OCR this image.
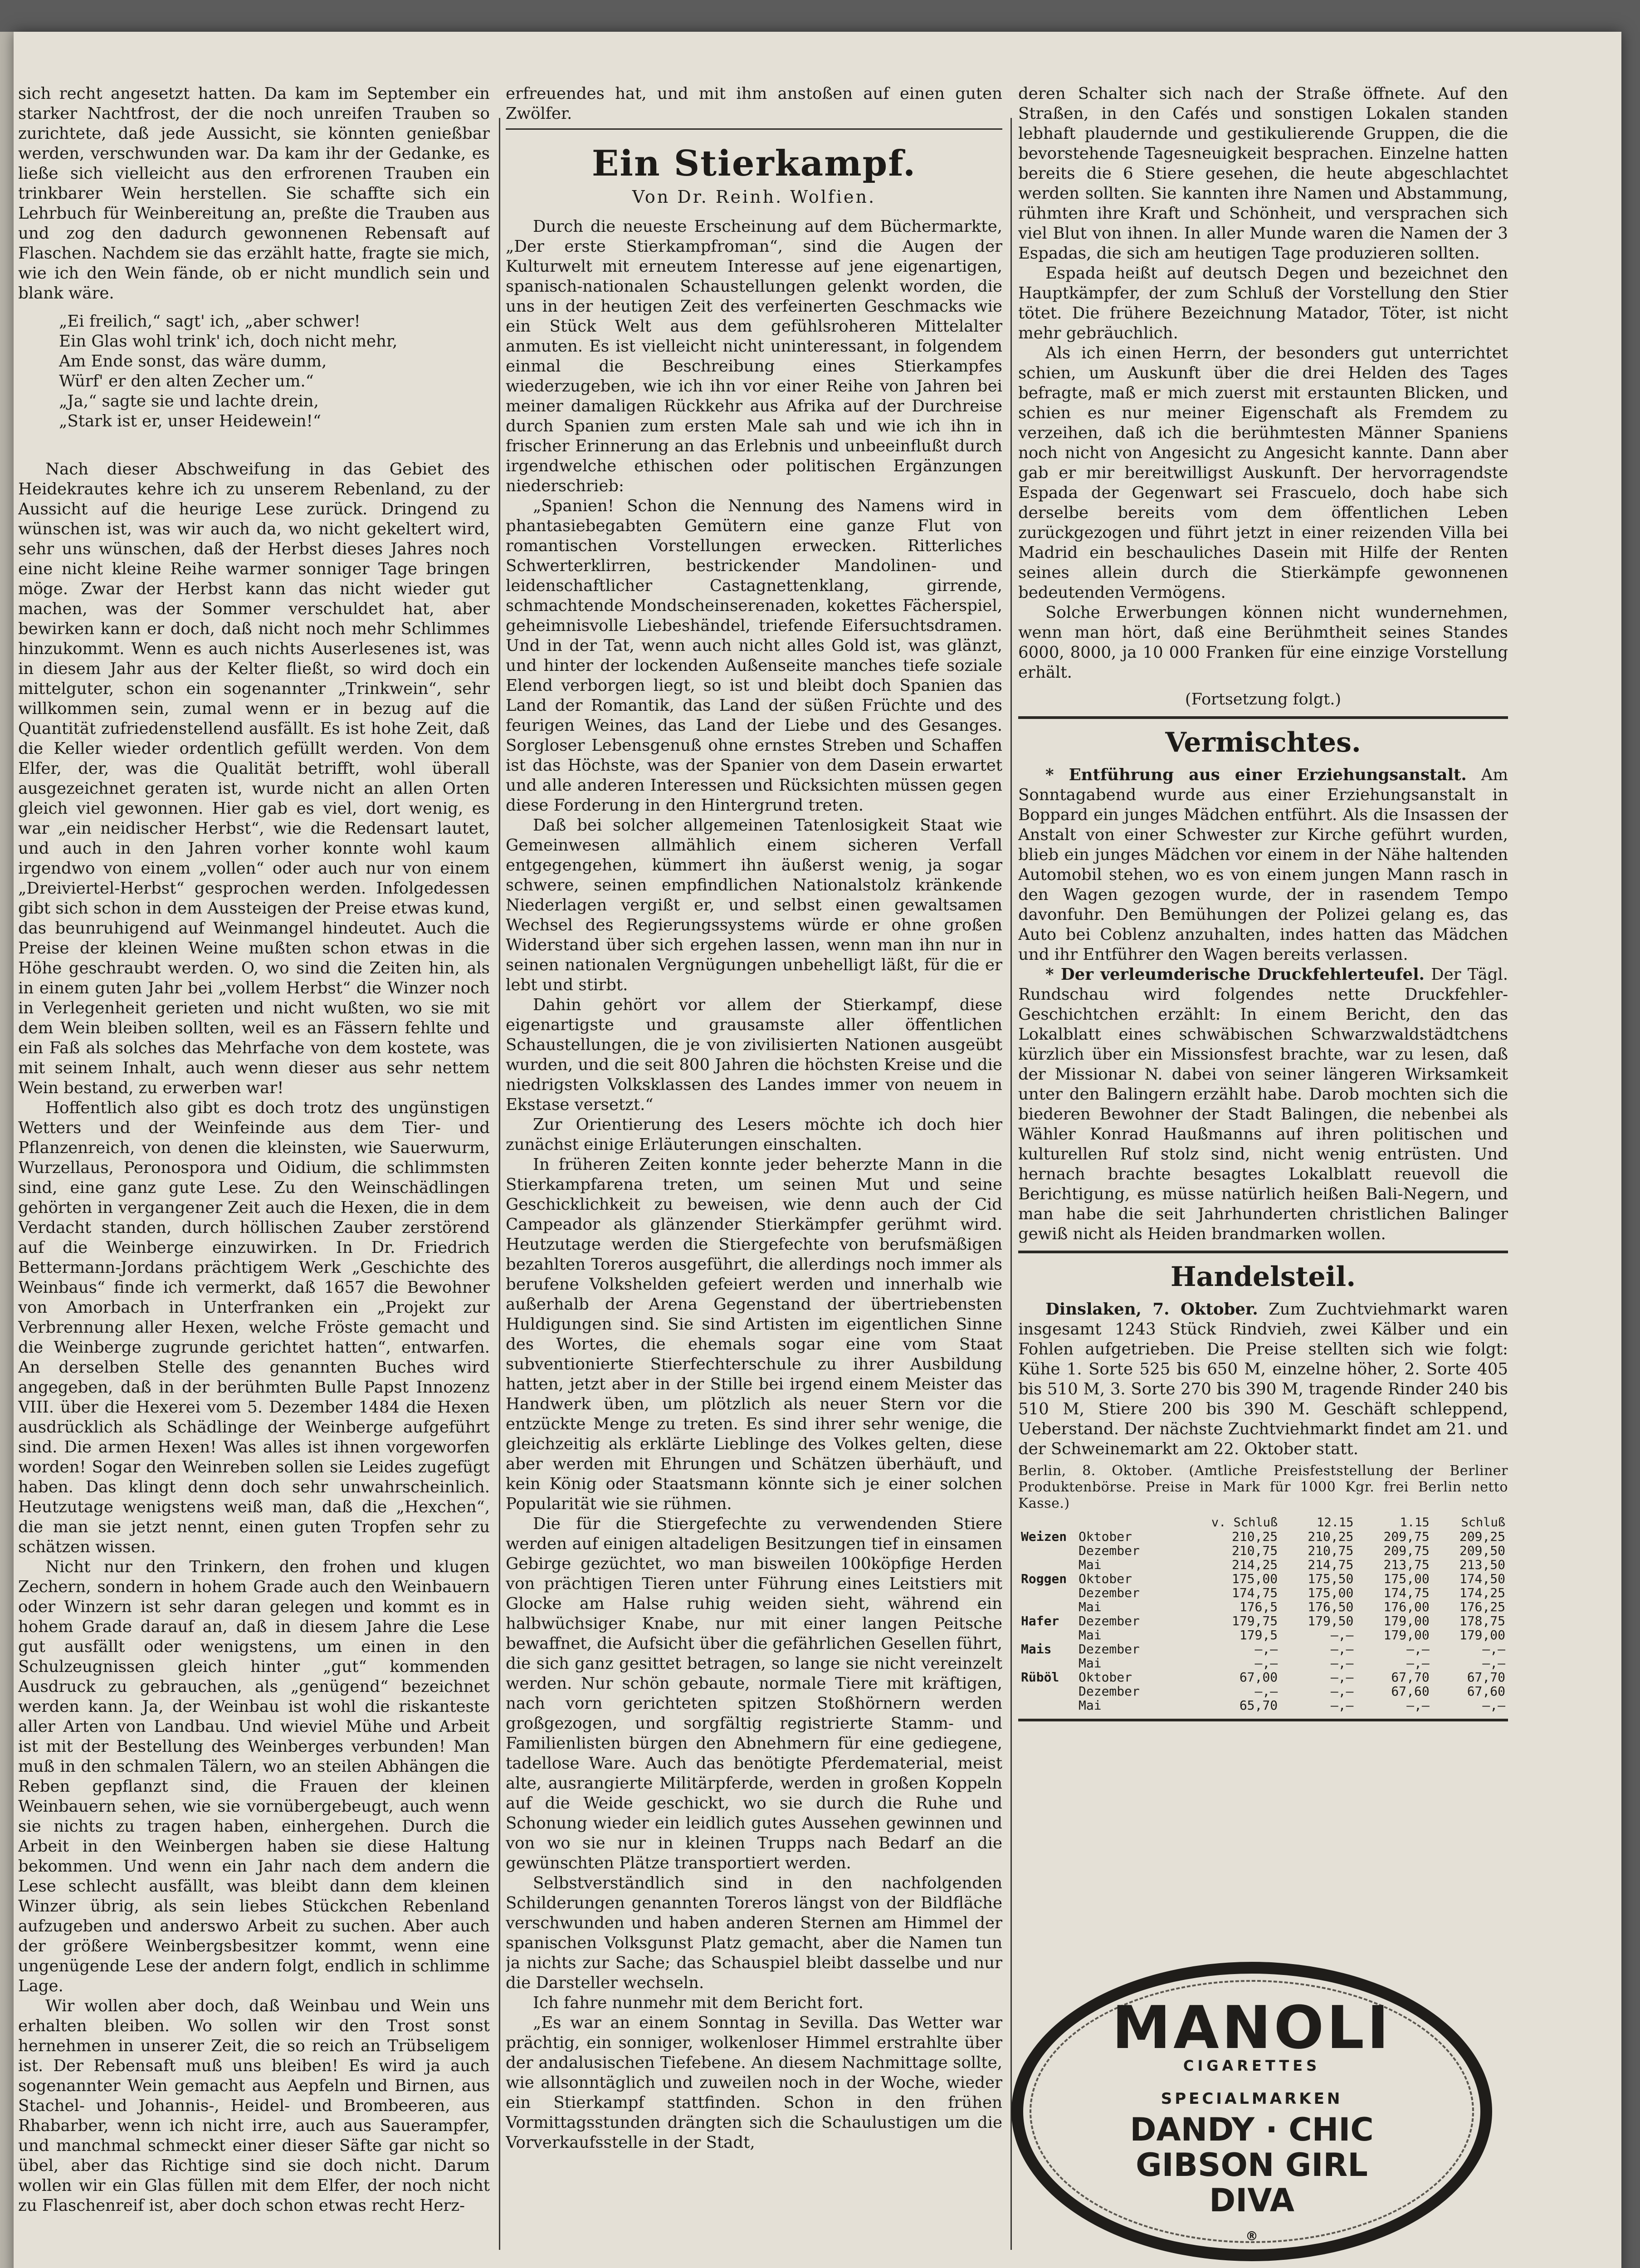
sich recht angesetzt hatten. Da kam im September ein starker Nachtfrost, der die noch unreifen Trauben so zurichtete, daß jede Aussicht, sie könnten genießbar werden, verschwunden war. Da kam ihr der Gedanke, es ließe sich vielleicht aus den erfrorenen Trauben ein trinkbarer Wein herstellen. Sie schaffte sich ein Lehrbuch für Weinbereitung an, preßte die Trauben aus und zog den dadurch gewonnenen Rebensaft auf Flaschen. Nachdem sie das erzählt hatte, fragte sie mich, wie ich den Wein fände, ob er nicht mundlich sein und blank wäre.

„Ei freilich,“ sagt' ich, „aber schwer!
Ein Glas wohl trink' ich, doch nicht mehr,
Am Ende sonst, das wäre dumm,
Würf' er den alten Zecher um.“
„Ja,“ sagte sie und lachte drein,
„Stark ist er, unser Heidewein!“

Nach dieser Abschweifung in das Gebiet des Heidekrautes kehre ich zu unserem Rebenland, zu der Aussicht auf die heurige Lese zurück. Dringend zu wünschen ist, was wir auch da, wo nicht gekeltert wird, sehr uns wünschen, daß der Herbst dieses Jahres noch eine nicht kleine Reihe warmer sonniger Tage bringen möge. Zwar der Herbst kann das nicht wieder gut machen, was der Sommer verschuldet hat, aber bewirken kann er doch, daß nicht noch mehr Schlimmes hinzukommt. Wenn es auch nichts Auserlesenes ist, was in diesem Jahr aus der Kelter fließt, so wird doch ein mittelguter, schon ein sogenannter „Trinkwein“, sehr willkommen sein, zumal wenn er in bezug auf die Quantität zufriedenstellend ausfällt. Es ist hohe Zeit, daß die Keller wieder ordentlich gefüllt werden. Von dem Elfer, der, was die Qualität betrifft, wohl überall ausgezeichnet geraten ist, wurde nicht an allen Orten gleich viel gewonnen. Hier gab es viel, dort wenig, es war „ein neidischer Herbst“, wie die Redensart lautet, und auch in den Jahren vorher konnte wohl kaum irgendwo von einem „vollen“ oder auch nur von einem „Dreiviertel-Herbst“ gesprochen werden. Infolgedessen gibt sich schon in dem Aussteigen der Preise etwas kund, das beunruhigend auf Weinmangel hindeutet. Auch die Preise der kleinen Weine mußten schon etwas in die Höhe geschraubt werden. O, wo sind die Zeiten hin, als in einem guten Jahr bei „vollem Herbst“ die Winzer noch in Verlegenheit gerieten und nicht wußten, wo sie mit dem Wein bleiben sollten, weil es an Fässern fehlte und ein Faß als solches das Mehrfache von dem kostete, was mit seinem Inhalt, auch wenn dieser aus sehr nettem Wein bestand, zu erwerben war!

Hoffentlich also gibt es doch trotz des ungünstigen Wetters und der Weinfeinde aus dem Tier- und Pflanzenreich, von denen die kleinsten, wie Sauerwurm, Wurzellaus, Peronospora und Oidium, die schlimmsten sind, eine ganz gute Lese. Zu den Weinschädlingen gehörten in vergangener Zeit auch die Hexen, die in dem Verdacht standen, durch höllischen Zauber zerstörend auf die Weinberge einzuwirken. In Dr. Friedrich Bettermann-Jordans prächtigem Werk „Geschichte des Weinbaus“ finde ich vermerkt, daß 1657 die Bewohner von Amorbach in Unterfranken ein „Projekt zur Verbrennung aller Hexen, welche Fröste gemacht und die Weinberge zugrunde gerichtet hatten“, entwarfen. An derselben Stelle des genannten Buches wird angegeben, daß in der berühmten Bulle Papst Innozenz VIII. über die Hexerei vom 5. Dezember 1484 die Hexen ausdrücklich als Schädlinge der Weinberge aufgeführt sind. Die armen Hexen! Was alles ist ihnen vorgeworfen worden! Sogar den Weinreben sollen sie Leides zugefügt haben. Das klingt denn doch sehr unwahrscheinlich. Heutzutage wenigstens weiß man, daß die „Hexchen“, die man sie jetzt nennt, einen guten Tropfen sehr zu schätzen wissen.

Nicht nur den Trinkern, den frohen und klugen Zechern, sondern in hohem Grade auch den Weinbauern oder Winzern ist sehr daran gelegen und kommt es in hohem Grade darauf an, daß in diesem Jahre die Lese gut ausfällt oder wenigstens, um einen in den Schulzeugnissen gleich hinter „gut“ kommenden Ausdruck zu gebrauchen, als „genügend“ bezeichnet werden kann. Ja, der Weinbau ist wohl die riskanteste aller Arten von Landbau. Und wieviel Mühe und Arbeit ist mit der Bestellung des Weinberges verbunden! Man muß in den schmalen Tälern, wo an steilen Abhängen die Reben gepflanzt sind, die Frauen der kleinen Weinbauern sehen, wie sie vornübergebeugt, auch wenn sie nichts zu tragen haben, einhergehen. Durch die Arbeit in den Weinbergen haben sie diese Haltung bekommen. Und wenn ein Jahr nach dem andern die Lese schlecht ausfällt, was bleibt dann dem kleinen Winzer übrig, als sein liebes Stückchen Rebenland aufzugeben und anderswo Arbeit zu suchen. Aber auch der größere Weinbergsbesitzer kommt, wenn eine ungenügende Lese der andern folgt, endlich in schlimme Lage.

Wir wollen aber doch, daß Weinbau und Wein uns erhalten bleiben. Wo sollen wir den Trost sonst hernehmen in unserer Zeit, die so reich an Trübseligem ist. Der Rebensaft muß uns bleiben! Es wird ja auch sogenannter Wein gemacht aus Aepfeln und Birnen, aus Stachel- und Johannis-, Heidel- und Brombeeren, aus Rhabarber, wenn ich nicht irre, auch aus Sauerampfer, und manchmal schmeckt einer dieser Säfte gar nicht so übel, aber das Richtige sind sie doch nicht. Darum wollen wir ein Glas füllen mit dem Elfer, der noch nicht zu Flaschenreif ist, aber doch schon etwas recht Herz-

erfreuendes hat, und mit ihm anstoßen auf einen guten Zwölfer.

Ein Stierkampf.
Von Dr. Reinh. Wolfien.

Durch die neueste Erscheinung auf dem Büchermarkte, „Der erste Stierkampfroman“, sind die Augen der Kulturwelt mit erneutem Interesse auf jene eigenartigen, spanisch-nationalen Schaustellungen gelenkt worden, die uns in der heutigen Zeit des verfeinerten Geschmacks wie ein Stück Welt aus dem gefühlsroheren Mittelalter anmuten. Es ist vielleicht nicht uninteressant, in folgendem einmal die Beschreibung eines Stierkampfes wiederzugeben, wie ich ihn vor einer Reihe von Jahren bei meiner damaligen Rückkehr aus Afrika auf der Durchreise durch Spanien zum ersten Male sah und wie ich ihn in frischer Erinnerung an das Erlebnis und unbeeinflußt durch irgendwelche ethischen oder politischen Ergänzungen niederschrieb:

„Spanien! Schon die Nennung des Namens wird in phantasiebegabten Gemütern eine ganze Flut von romantischen Vorstellungen erwecken. Ritterliches Schwerterklirren, bestrickender Mandolinen- und leidenschaftlicher Castagnettenklang, girrende, schmachtende Mondscheinserenaden, kokettes Fächerspiel, geheimnisvolle Liebeshändel, triefende Eifersuchtsdramen. Und in der Tat, wenn auch nicht alles Gold ist, was glänzt, und hinter der lockenden Außenseite manches tiefe soziale Elend verborgen liegt, so ist und bleibt doch Spanien das Land der Romantik, das Land der süßen Früchte und des feurigen Weines, das Land der Liebe und des Gesanges. Sorgloser Lebensgenuß ohne ernstes Streben und Schaffen ist das Höchste, was der Spanier von dem Dasein erwartet und alle anderen Interessen und Rücksichten müssen gegen diese Forderung in den Hintergrund treten.

Daß bei solcher allgemeinen Tatenlosigkeit Staat wie Gemeinwesen allmählich einem sicheren Verfall entgegengehen, kümmert ihn äußerst wenig, ja sogar schwere, seinen empfindlichen Nationalstolz kränkende Niederlagen vergißt er, und selbst einen gewaltsamen Wechsel des Regierungssystems würde er ohne großen Widerstand über sich ergehen lassen, wenn man ihn nur in seinen nationalen Vergnügungen unbehelligt läßt, für die er lebt und stirbt.

Dahin gehört vor allem der Stierkampf, diese eigenartigste und grausamste aller öffentlichen Schaustellungen, die je von zivilisierten Nationen ausgeübt wurden, und die seit 800 Jahren die höchsten Kreise und die niedrigsten Volksklassen des Landes immer von neuem in Ekstase versetzt.“

Zur Orientierung des Lesers möchte ich doch hier zunächst einige Erläuterungen einschalten.

In früheren Zeiten konnte jeder beherzte Mann in die Stierkampfarena treten, um seinen Mut und seine Geschicklichkeit zu beweisen, wie denn auch der Cid Campeador als glänzender Stierkämpfer gerühmt wird. Heutzutage werden die Stiergefechte von berufsmäßigen bezahlten Toreros ausgeführt, die allerdings noch immer als berufene Volkshelden gefeiert werden und innerhalb wie außerhalb der Arena Gegenstand der übertriebensten Huldigungen sind. Sie sind Artisten im eigentlichen Sinne des Wortes, die ehemals sogar eine vom Staat subventionierte Stierfechterschule zu ihrer Ausbildung hatten, jetzt aber in der Stille bei irgend einem Meister das Handwerk üben, um plötzlich als neuer Stern vor die entzückte Menge zu treten. Es sind ihrer sehr wenige, die gleichzeitig als erklärte Lieblinge des Volkes gelten, diese aber werden mit Ehrungen und Schätzen überhäuft, und kein König oder Staatsmann könnte sich je einer solchen Popularität wie sie rühmen.

Die für die Stiergefechte zu verwendenden Stiere werden auf einigen altadeligen Besitzungen tief in einsamen Gebirge gezüchtet, wo man bisweilen 100köpfige Herden von prächtigen Tieren unter Führung eines Leitstiers mit Glocke am Halse ruhig weiden sieht, während ein halbwüchsiger Knabe, nur mit einer langen Peitsche bewaffnet, die Aufsicht über die gefährlichen Gesellen führt, die sich ganz gesittet betragen, so lange sie nicht vereinzelt werden. Nur schön gebaute, normale Tiere mit kräftigen, nach vorn gerichteten spitzen Stoßhörnern werden großgezogen, und sorgfältig registrierte Stamm- und Familienlisten bürgen den Abnehmern für eine gediegene, tadellose Ware. Auch das benötigte Pferdematerial, meist alte, ausrangierte Militärpferde, werden in großen Koppeln auf die Weide geschickt, wo sie durch die Ruhe und Schonung wieder ein leidlich gutes Aussehen gewinnen und von wo sie nur in kleinen Trupps nach Bedarf an die gewünschten Plätze transportiert werden.

Selbstverständlich sind in den nachfolgenden Schilderungen genannten Toreros längst von der Bildfläche verschwunden und haben anderen Sternen am Himmel der spanischen Volksgunst Platz gemacht, aber die Namen tun ja nichts zur Sache; das Schauspiel bleibt dasselbe und nur die Darsteller wechseln.

Ich fahre nunmehr mit dem Bericht fort.

„Es war an einem Sonntag in Sevilla. Das Wetter war prächtig, ein sonniger, wolkenloser Himmel erstrahlte über der andalusischen Tiefebene. An diesem Nachmittage sollte, wie allsonntäglich und zuweilen noch in der Woche, wieder ein Stierkampf stattfinden. Schon in den frühen Vormittagsstunden drängten sich die Schaulustigen um die Vorverkaufsstelle in der Stadt,

deren Schalter sich nach der Straße öffnete. Auf den Straßen, in den Cafés und sonstigen Lokalen standen lebhaft plaudernde und gestikulierende Gruppen, die die bevorstehende Tagesneuigkeit besprachen. Einzelne hatten bereits die 6 Stiere gesehen, die heute abgeschlachtet werden sollten. Sie kannten ihre Namen und Abstammung, rühmten ihre Kraft und Schönheit, und versprachen sich viel Blut von ihnen. In aller Munde waren die Namen der 3 Espadas, die sich am heutigen Tage produzieren sollten.

Espada heißt auf deutsch Degen und bezeichnet den Hauptkämpfer, der zum Schluß der Vorstellung den Stier tötet. Die frühere Bezeichnung Matador, Töter, ist nicht mehr gebräuchlich.

Als ich einen Herrn, der besonders gut unterrichtet schien, um Auskunft über die drei Helden des Tages befragte, maß er mich zuerst mit erstaunten Blicken, und schien es nur meiner Eigenschaft als Fremdem zu verzeihen, daß ich die berühmtesten Männer Spaniens noch nicht von Angesicht zu Angesicht kannte. Dann aber gab er mir bereitwilligst Auskunft. Der hervorragendste Espada der Gegenwart sei Frascuelo, doch habe sich derselbe bereits vom dem öffentlichen Leben zurückgezogen und führt jetzt in einer reizenden Villa bei Madrid ein beschauliches Dasein mit Hilfe der Renten seines allein durch die Stierkämpfe gewonnenen bedeutenden Vermögens.

Solche Erwerbungen können nicht wundernehmen, wenn man hört, daß eine Berühmtheit seines Standes 6000, 8000, ja 10 000 Franken für eine einzige Vorstellung erhält.

(Fortsetzung folgt.)
Vermischtes.

* Entführung aus einer Erziehungsanstalt. Am Sonntagabend wurde aus einer Erziehungsanstalt in Boppard ein junges Mädchen entführt. Als die Insassen der Anstalt von einer Schwester zur Kirche geführt wurden, blieb ein junges Mädchen vor einem in der Nähe haltenden Automobil stehen, wo es von einem jungen Mann rasch in den Wagen gezogen wurde, der in rasendem Tempo davonfuhr. Den Bemühungen der Polizei gelang es, das Auto bei Coblenz anzuhalten, indes hatten das Mädchen und ihr Entführer den Wagen bereits verlassen.

* Der verleumderische Druckfehlerteufel. Der Tägl. Rundschau wird folgendes nette Druckfehler-Geschichtchen erzählt: In einem Bericht, den das Lokalblatt eines schwäbischen Schwarzwaldstädtchens kürzlich über ein Missionsfest brachte, war zu lesen, daß der Missionar N. dabei von seiner längeren Wirksamkeit unter den Balingern erzählt habe. Darob mochten sich die biederen Bewohner der Stadt Balingen, die nebenbei als Wähler Konrad Haußmanns auf ihren politischen und kulturellen Ruf stolz sind, nicht wenig entrüsten. Und hernach brachte besagtes Lokalblatt reuevoll die Berichtigung, es müsse natürlich heißen Bali-Negern, und man habe die seit Jahrhunderten christlichen Balinger gewiß nicht als Heiden brandmarken wollen.

Handelsteil.

Dinslaken, 7. Oktober. Zum Zuchtviehmarkt waren insgesamt 1243 Stück Rindvieh, zwei Kälber und ein Fohlen aufgetrieben. Die Preise stellten sich wie folgt: Kühe 1. Sorte 525 bis 650 M, einzelne höher, 2. Sorte 405 bis 510 M, 3. Sorte 270 bis 390 M, tragende Rinder 240 bis 510 M, Stiere 200 bis 390 M. Geschäft schleppend, Ueberstand. Der nächste Zuchtviehmarkt findet am 21. und der Schweinemarkt am 22. Oktober statt.

Berlin, 8. Oktober. (Amtliche Preisfeststellung der Berliner Produktenbörse. Preise in Mark für 1000 Kgr. frei Berlin netto Kasse.)
		v. Schluß	12.15	1.15	Schluß
Weizen	Oktober	210,25	210,25	209,75	209,25
	Dezember	210,75	210,75	209,75	209,50
	Mai	214,25	214,75	213,75	213,50
Roggen	Oktober	175,00	175,50	175,00	174,50
	Dezember	174,75	175,00	174,75	174,25
	Mai	176,5	176,50	176,00	176,25
Hafer	Dezember	179,75	179,50	179,00	178,75
	Mai	179,5	—,—	179,00	179,00
Mais	Dezember	—,—	—,—	—,—	—,—
	Mai	—,—	—,—	—,—	—,—
Rüböl	Oktober	67,00	—,—	67,70	67,70
	Dezember	—,—	—,—	67,60	67,60
	Mai	65,70	—,—	—,—	—,—
MANOLI
CIGARETTES
SPECIALMARKEN
DANDY · CHIC
GIBSON GIRL
DIVA
®
